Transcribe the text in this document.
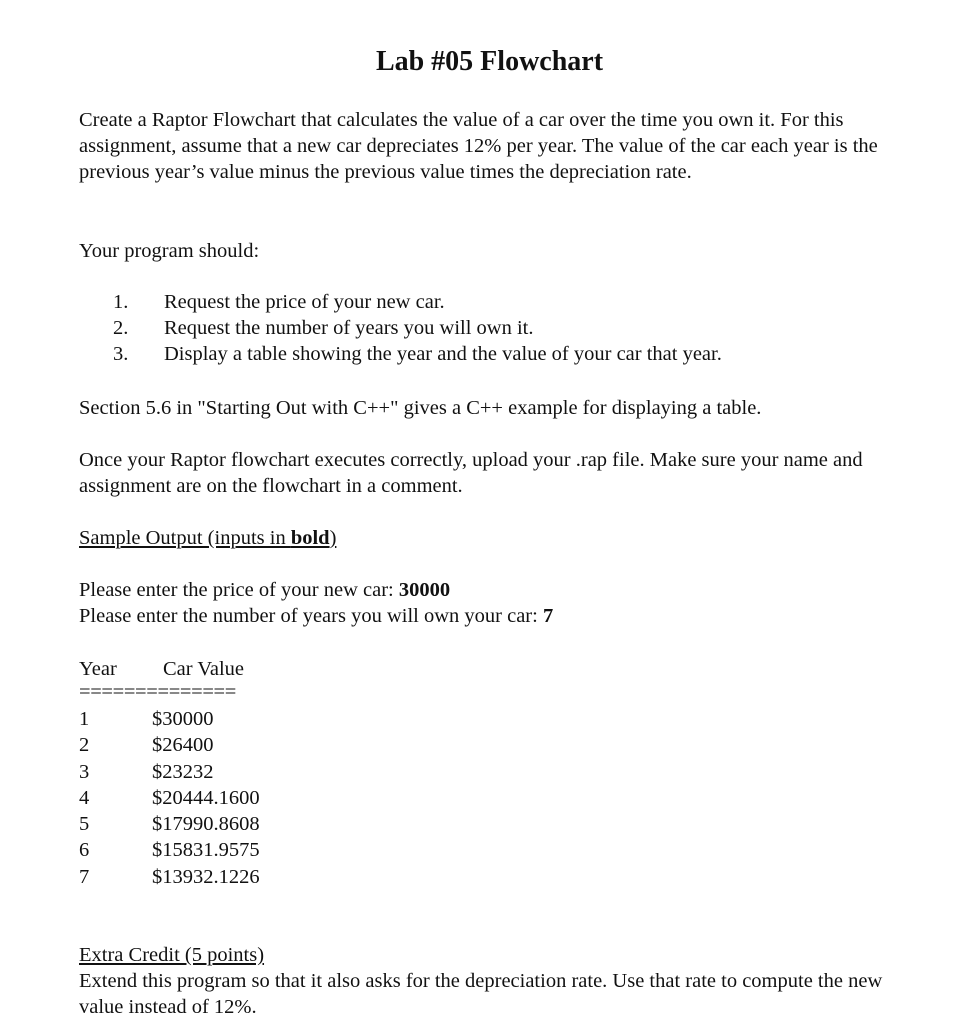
Lab #05 Flowchart
Create a Raptor Flowchart that calculates the value of a car over the time you own it. For this assignment, assume that a new car depreciates 12% per year. The value of the car each year is the previous year’s value minus the previous value times the depreciation rate.
Your program should:
1.	Request the price of your new car.
2.	Request the number of years you will own it.
3.	Display a table showing the year and the value of your car that year.
Section 5.6 in "Starting Out with C++" gives a C++ example for displaying a table.
Once your Raptor flowchart executes correctly, upload your .rap file. Make sure your name and assignment are on the flowchart in a comment.
Sample Output (inputs in bold)
Please enter the price of your new car: 30000
Please enter the number of years you will own your car: 7
Year	Car Value
==============
1	$30000
2	$26400
3	$23232
4	$20444.1600
5	$17990.8608
6	$15831.9575
7	$13932.1226
Extra Credit (5 points)
Extend this program so that it also asks for the depreciation rate. Use that rate to compute the new value instead of 12%.
